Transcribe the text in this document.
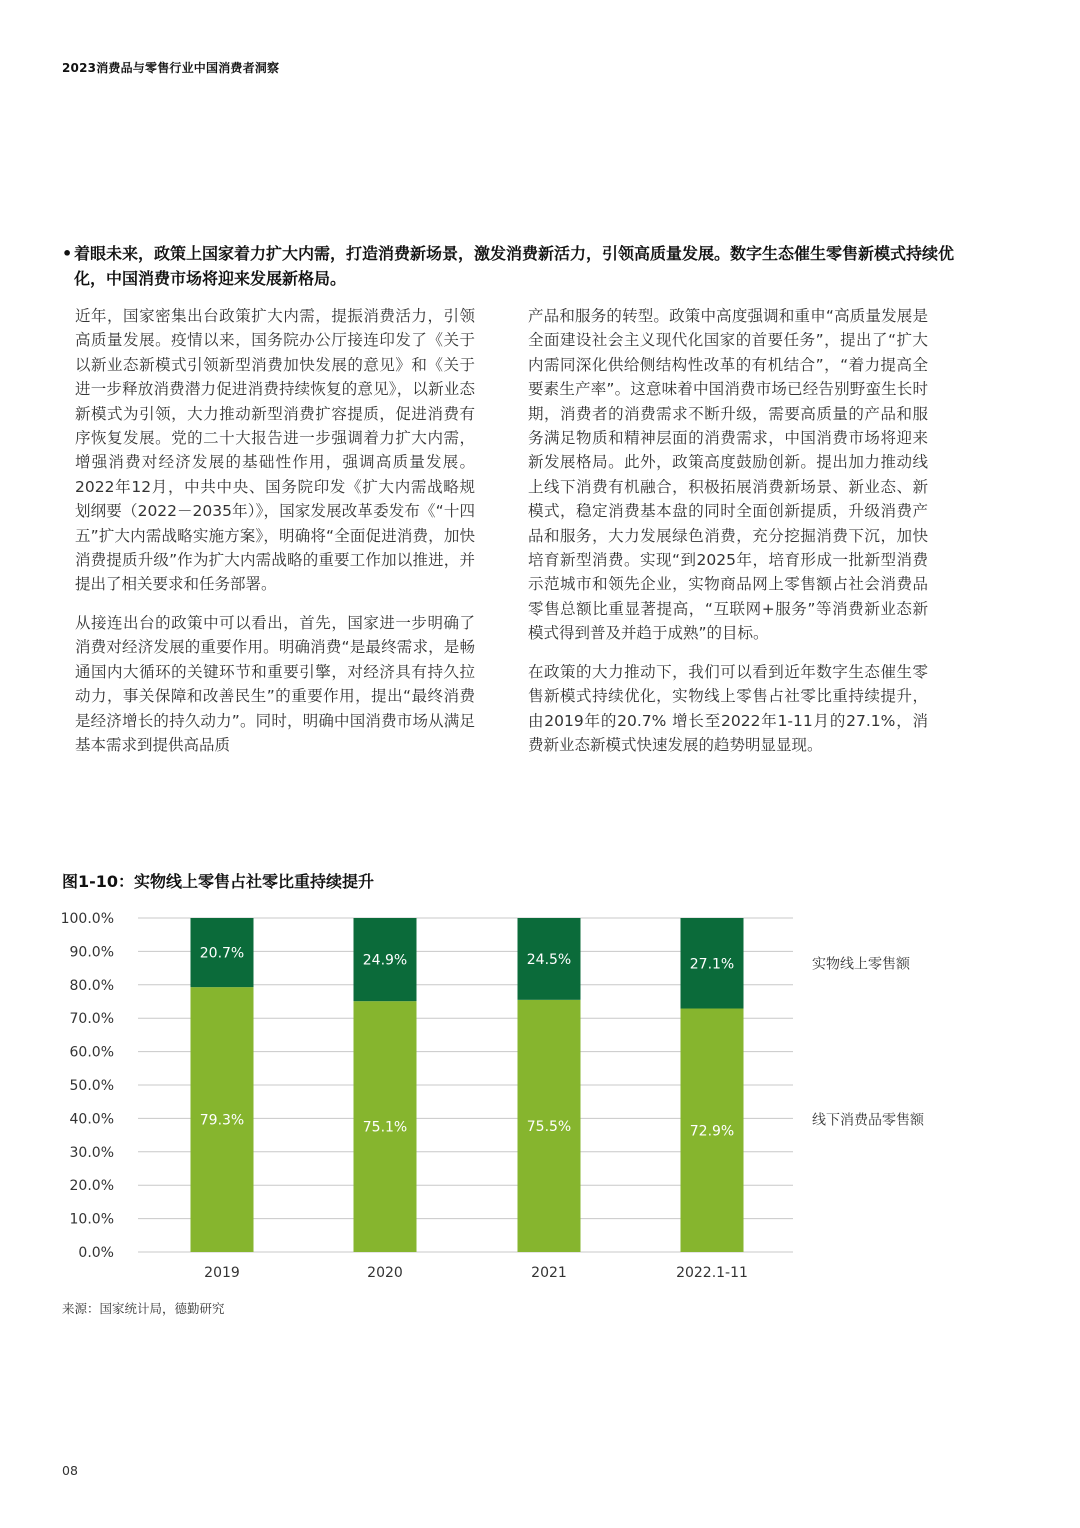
2023消费品与零售行业中国消费者洞察
• 着眼未来，政策上国家着力扩大内需，打造消费新场景，激发消费新活力，引领高质量发展。数字生态催生零售新模式持续优化，中国消费市场将迎来发展新格局。

近年，国家密集出台政策扩大内需，提振消费活力，引领高质量发展。疫情以来，国务院办公厅接连印发了《关于以新业态新模式引领新型消费加快发展的意见》和《关于进一步释放消费潜力促进消费持续恢复的意见》，以新业态新模式为引领，大力推动新型消费扩容提质，促进消费有序恢复发展。党的二十大报告进一步强调着力扩大内需，增强消费对经济发展的基础性作用，强调高质量发展。2022年12月，中共中央、国务院印发《扩大内需战略规划纲要（2022－2035年）》，国家发展改革委发布《“十四五”扩大内需战略实施方案》，明确将“全面促进消费，加快消费提质升级”作为扩大内需战略的重要工作加以推进，并提出了相关要求和任务部署。

从接连出台的政策中可以看出，首先，国家进一步明确了消费对经济发展的重要作用。明确消费“是最终需求，是畅通国内大循环的关键环节和重要引擎，对经济具有持久拉动力，事关保障和改善民生”的重要作用，提出“最终消费是经济增长的持久动力”。同时，明确中国消费市场从满足基本需求到提供高品质

产品和服务的转型。政策中高度强调和重申“高质量发展是全面建设社会主义现代化国家的首要任务”，提出了“扩大内需同深化供给侧结构性改革的有机结合”，“着力提高全要素生产率”。这意味着中国消费市场已经告别野蛮生长时期，消费者的消费需求不断升级，需要高质量的产品和服务满足物质和精神层面的消费需求，中国消费市场将迎来新发展格局。此外，政策高度鼓励创新。提出加力推动线上线下消费有机融合，积极拓展消费新场景、新业态、新模式，稳定消费基本盘的同时全面创新提质，升级消费产品和服务，大力发展绿色消费，充分挖掘消费下沉，加快培育新型消费。实现“到2025年，培育形成一批新型消费示范城市和领先企业，实物商品网上零售额占社会消费品零售总额比重显著提高，“互联网+服务”等消费新业态新模式得到普及并趋于成熟”的目标。

在政策的大力推动下，我们可以看到近年数字生态催生零售新模式持续优化，实物线上零售占社零比重持续提升，由2019年的20.7% 增长至2022年1-11月的27.1%，消费新业态新模式快速发展的趋势明显显现。

图1-10：实物线上零售占社零比重持续提升
0.0%
10.0%
20.0%
30.0%
40.0%
50.0%
60.0%
70.0%
80.0%
90.0%
100.0%
79.3%
20.7%
2019
75.1%
24.9%
2020
75.5%
24.5%
2021
72.9%
27.1%
2022.1-11
实物线上零售额
线下消费品零售额
来源：国家统计局，德勤研究
08
